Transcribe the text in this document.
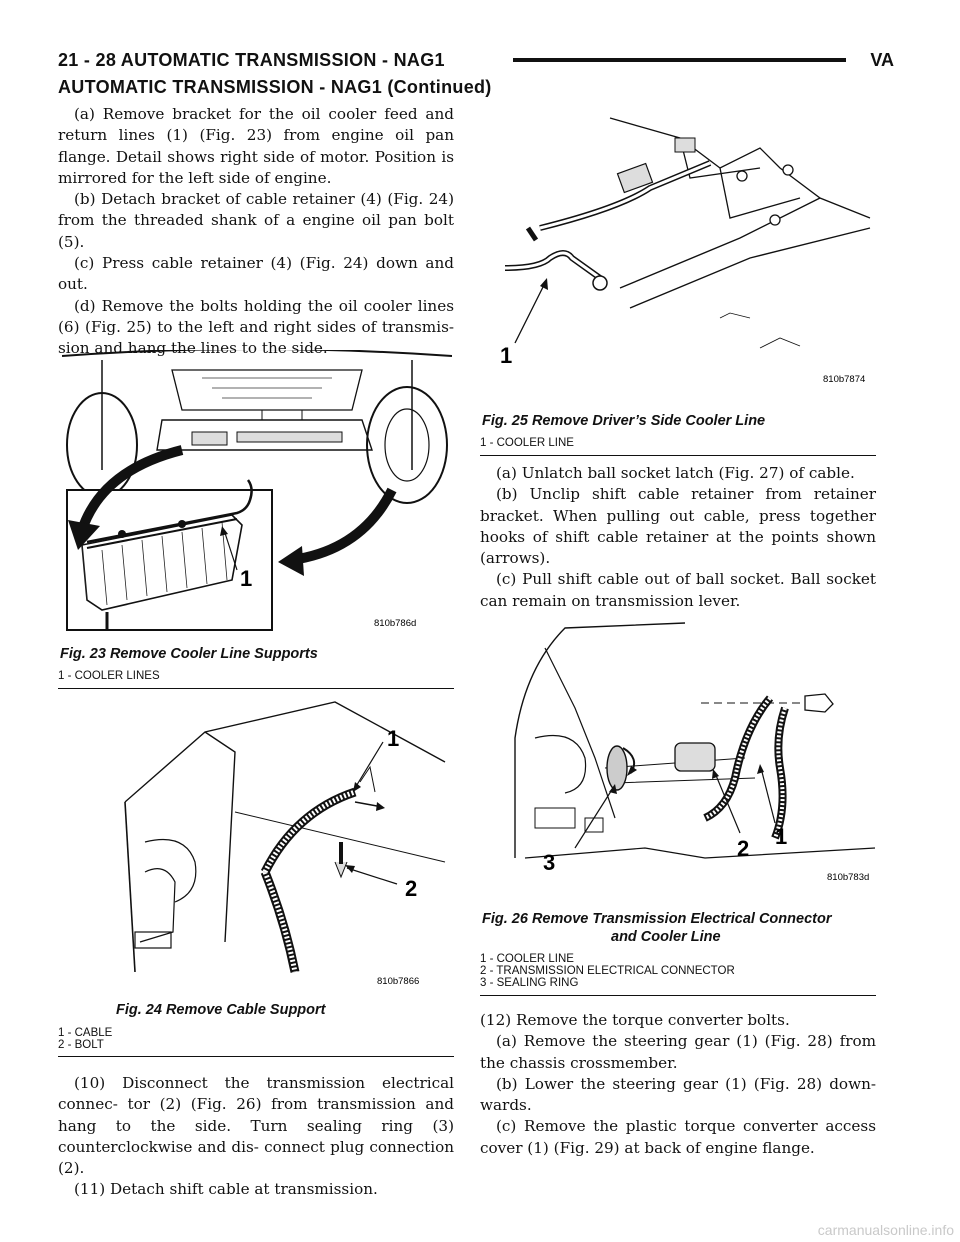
21 - 28 AUTOMATIC TRANSMISSION - NAG1	VA
AUTOMATIC TRANSMISSION - NAG1 (Continued)

(a) Remove bracket for the oil cooler feed and return lines (1) (Fig. 23) from engine oil pan flange. Detail shows right side of motor. Position is mirrored for the left side of engine.

(b) Detach bracket of cable retainer (4) (Fig. 24) from the threaded shank of a engine oil pan bolt (5).

(c) Press cable retainer (4) (Fig. 24) down and out.

(d) Remove the bolts holding the oil cooler lines (6) (Fig. 25) to the left and right sides of transmis- sion and hang the lines to the side.

1
810b786d
Fig. 23 Remove Cooler Line Supports
1 - COOLER LINES
1
2
810b7866
Fig. 24 Remove Cable Support
1 - CABLE
2 - BOLT

(10) Disconnect the transmission electrical connec- tor (2) (Fig. 26) from transmission and hang to the side. Turn sealing ring (3) counterclockwise and dis- connect plug connection (2).

(11) Detach shift cable at transmission.

1
810b7874
Fig. 25 Remove Driver’s Side Cooler Line
1 - COOLER LINE

(a) Unlatch ball socket latch (Fig. 27) of cable.

(b) Unclip shift cable retainer from retainer bracket. When pulling out cable, press together hooks of shift cable retainer at the points shown (arrows).

(c) Pull shift cable out of ball socket. Ball socket can remain on transmission lever.

1
2
3
810b783d
Fig. 26 Remove Transmission Electrical Connector
and Cooler Line
1 - COOLER LINE
2 - TRANSMISSION ELECTRICAL CONNECTOR
3 - SEALING RING

(12) Remove the torque converter bolts.

(a) Remove the steering gear (1) (Fig. 28) from the chassis crossmember.

(b) Lower the steering gear (1) (Fig. 28) down- wards.

(c) Remove the plastic torque converter access cover (1) (Fig. 29) at back of engine flange.

carmanualsonline.info
